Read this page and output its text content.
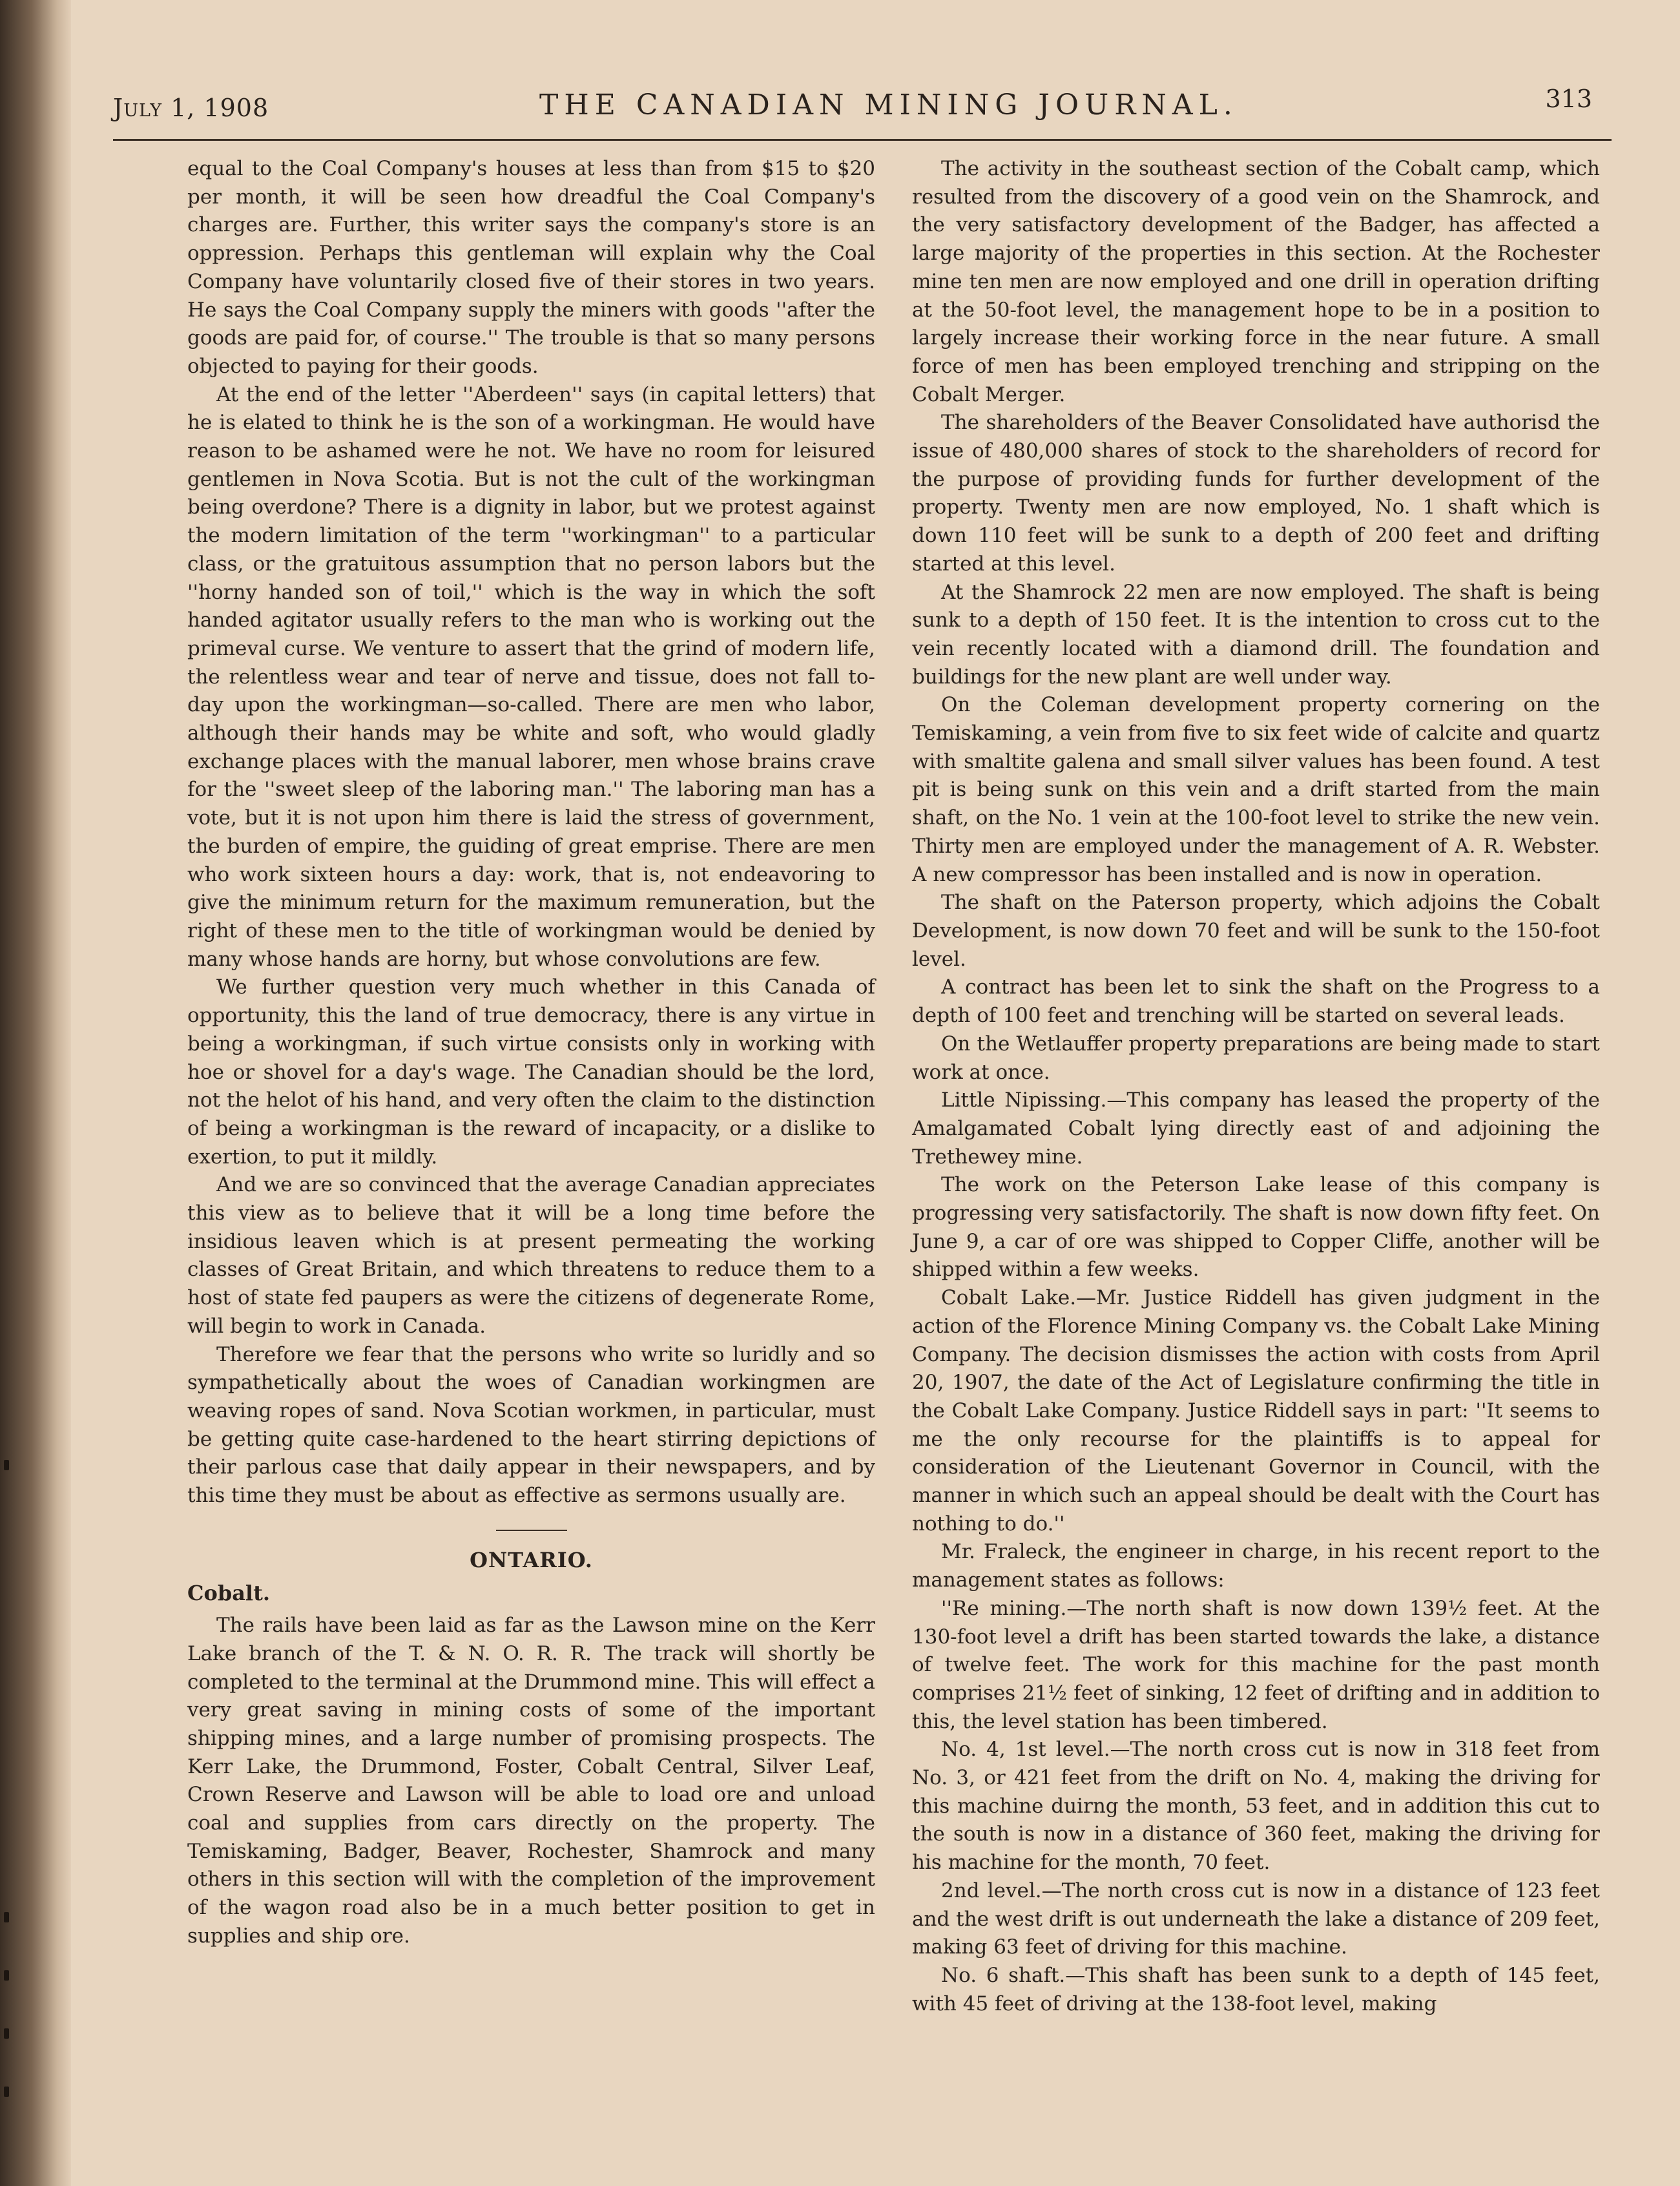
July 1, 1908	THE CANADIAN MINING JOURNAL.	313

equal to the Coal Company's houses at less than from $15 to $20 per month, it will be seen how dreadful the Coal Company's charges are. Further, this writer says the company's store is an oppression. Perhaps this gentleman will explain why the Coal Company have voluntarily closed five of their stores in two years. He says the Coal Company supply the miners with goods ''after the goods are paid for, of course.'' The trouble is that so many persons objected to paying for their goods.

At the end of the letter ''Aberdeen'' says (in capital letters) that he is elated to think he is the son of a workingman. He would have reason to be ashamed were he not. We have no room for leisured gentlemen in Nova Scotia. But is not the cult of the workingman being overdone? There is a dignity in labor, but we protest against the modern limitation of the term ''workingman'' to a particular class, or the gratuitous assumption that no person labors but the ''horny handed son of toil,'' which is the way in which the soft handed agitator usually refers to the man who is working out the primeval curse. We venture to assert that the grind of modern life, the relentless wear and tear of nerve and tissue, does not fall to-day upon the workingman—so-called. There are men who labor, although their hands may be white and soft, who would gladly exchange places with the manual laborer, men whose brains crave for the ''sweet sleep of the laboring man.'' The laboring man has a vote, but it is not upon him there is laid the stress of government, the burden of empire, the guiding of great emprise. There are men who work sixteen hours a day: work, that is, not endeavoring to give the minimum return for the maximum remuneration, but the right of these men to the title of workingman would be denied by many whose hands are horny, but whose convolutions are few.

We further question very much whether in this Canada of opportunity, this the land of true democracy, there is any virtue in being a workingman, if such virtue consists only in working with hoe or shovel for a day's wage. The Canadian should be the lord, not the helot of his hand, and very often the claim to the distinction of being a workingman is the reward of incapacity, or a dislike to exertion, to put it mildly.

And we are so convinced that the average Canadian appreciates this view as to believe that it will be a long time before the insidious leaven which is at present permeating the working classes of Great Britain, and which threatens to reduce them to a host of state fed paupers as were the citizens of degenerate Rome, will begin to work in Canada.

Therefore we fear that the persons who write so luridly and so sympathetically about the woes of Canadian workingmen are weaving ropes of sand. Nova Scotian workmen, in particular, must be getting quite case-hardened to the heart stirring depictions of their parlous case that daily appear in their newspapers, and by this time they must be about as effective as sermons usually are.

ONTARIO.
Cobalt.

The rails have been laid as far as the Lawson mine on the Kerr Lake branch of the T. & N. O. R. R. The track will shortly be completed to the terminal at the Drummond mine. This will effect a very great saving in mining costs of some of the important shipping mines, and a large number of promising prospects. The Kerr Lake, the Drummond, Foster, Cobalt Central, Silver Leaf, Crown Reserve and Lawson will be able to load ore and unload coal and supplies from cars directly on the property. The Temiskaming, Badger, Beaver, Rochester, Shamrock and many others in this section will with the completion of the improvement of the wagon road also be in a much better position to get in supplies and ship ore.

The activity in the southeast section of the Cobalt camp, which resulted from the discovery of a good vein on the Shamrock, and the very satisfactory development of the Badger, has affected a large majority of the properties in this section. At the Rochester mine ten men are now employed and one drill in operation drifting at the 50-foot level, the management hope to be in a position to largely increase their working force in the near future. A small force of men has been employed trenching and stripping on the Cobalt Merger.

The shareholders of the Beaver Consolidated have authorisd the issue of 480,000 shares of stock to the shareholders of record for the purpose of providing funds for further development of the property. Twenty men are now employed, No. 1 shaft which is down 110 feet will be sunk to a depth of 200 feet and drifting started at this level.

At the Shamrock 22 men are now employed. The shaft is being sunk to a depth of 150 feet. It is the intention to cross cut to the vein recently located with a diamond drill. The foundation and buildings for the new plant are well under way.

On the Coleman development property cornering on the Temiskaming, a vein from five to six feet wide of calcite and quartz with smaltite galena and small silver values has been found. A test pit is being sunk on this vein and a drift started from the main shaft, on the No. 1 vein at the 100-foot level to strike the new vein. Thirty men are employed under the management of A. R. Webster. A new compressor has been installed and is now in operation.

The shaft on the Paterson property, which adjoins the Cobalt Development, is now down 70 feet and will be sunk to the 150-foot level.

A contract has been let to sink the shaft on the Progress to a depth of 100 feet and trenching will be started on several leads.

On the Wetlauffer property preparations are being made to start work at once.

Little Nipissing.—This company has leased the property of the Amalgamated Cobalt lying directly east of and adjoining the Trethewey mine.

The work on the Peterson Lake lease of this company is progressing very satisfactorily. The shaft is now down fifty feet. On June 9, a car of ore was shipped to Copper Cliffe, another will be shipped within a few weeks.

Cobalt Lake.—Mr. Justice Riddell has given judgment in the action of the Florence Mining Company vs. the Cobalt Lake Mining Company. The decision dismisses the action with costs from April 20, 1907, the date of the Act of Legislature confirming the title in the Cobalt Lake Company. Justice Riddell says in part: ''It seems to me the only recourse for the plaintiffs is to appeal for consideration of the Lieutenant Governor in Council, with the manner in which such an appeal should be dealt with the Court has nothing to do.''

Mr. Fraleck, the engineer in charge, in his recent report to the management states as follows:

''Re mining.—The north shaft is now down 139½ feet. At the 130-foot level a drift has been started towards the lake, a distance of twelve feet. The work for this machine for the past month comprises 21½ feet of sinking, 12 feet of drifting and in addition to this, the level station has been timbered.

No. 4, 1st level.—The north cross cut is now in 318 feet from No. 3, or 421 feet from the drift on No. 4, making the driving for this machine duirng the month, 53 feet, and in addition this cut to the south is now in a distance of 360 feet, making the driving for his machine for the month, 70 feet.

2nd level.—The north cross cut is now in a distance of 123 feet and the west drift is out underneath the lake a distance of 209 feet, making 63 feet of driving for this machine.

No. 6 shaft.—This shaft has been sunk to a depth of 145 feet, with 45 feet of driving at the 138-foot level, making
